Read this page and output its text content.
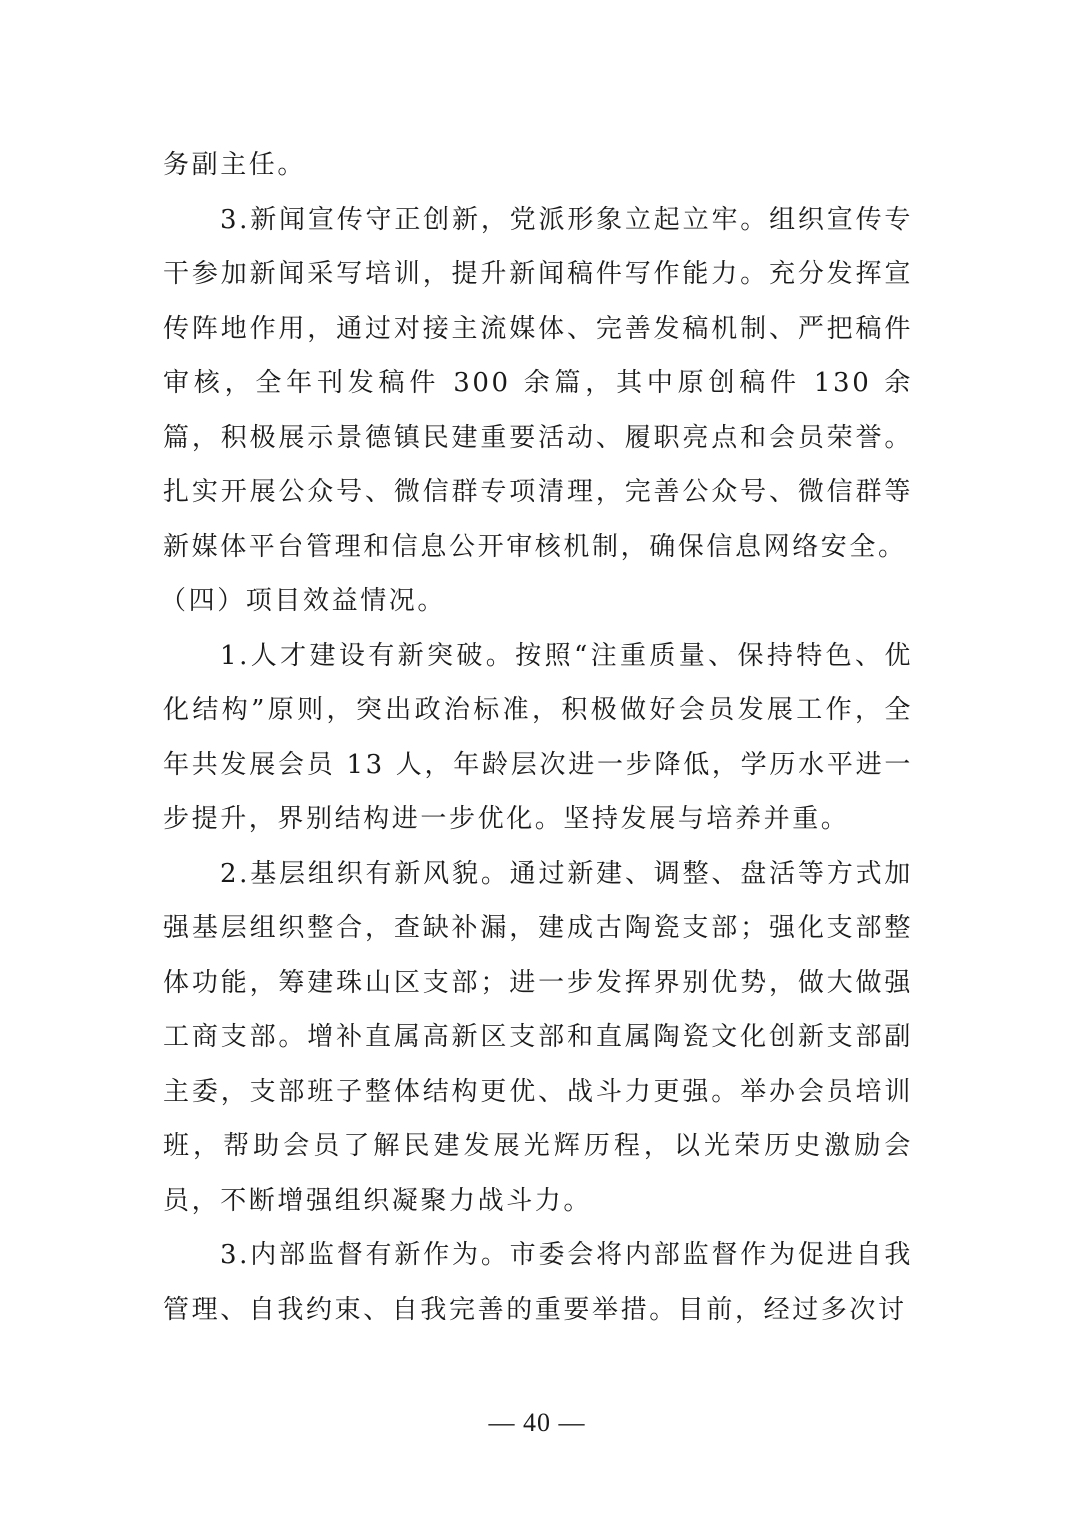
务副主任。

3.新闻宣传守正创新，党派形象立起立牢。组织宣传专干参加新闻采写培训，提升新闻稿件写作能力。充分发挥宣传阵地作用，通过对接主流媒体、完善发稿机制、严把稿件审核，全年刊发稿件 300 余篇，其中原创稿件 130 余篇，积极展示景德镇民建重要活动、履职亮点和会员荣誉。扎实开展公众号、微信群专项清理，完善公众号、微信群等新媒体平台管理和信息公开审核机制，确保信息网络安全。

（四）项目效益情况。

1.人才建设有新突破。按照“注重质量、保持特色、优化结构”原则，突出政治标准，积极做好会员发展工作，全年共发展会员 13 人，年龄层次进一步降低，学历水平进一步提升，界别结构进一步优化。坚持发展与培养并重。

2.基层组织有新风貌。通过新建、调整、盘活等方式加强基层组织整合，查缺补漏，建成古陶瓷支部；强化支部整体功能，筹建珠山区支部；进一步发挥界别优势，做大做强工商支部。增补直属高新区支部和直属陶瓷文化创新支部副主委，支部班子整体结构更优、战斗力更强。举办会员培训班，帮助会员了解民建发展光辉历程，以光荣历史激励会员，不断增强组织凝聚力战斗力。

3.内部监督有新作为。市委会将内部监督作为促进自我管理、自我约束、自我完善的重要举措。目前，经过多次讨

— 40 —
